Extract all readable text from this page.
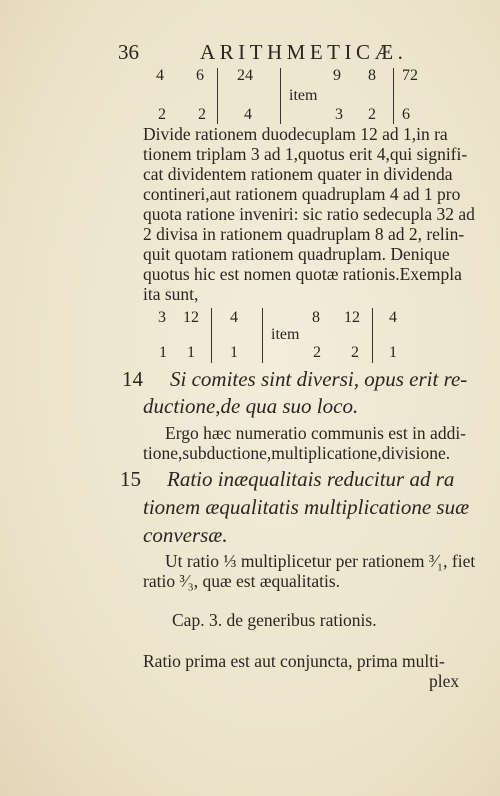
36	ARITHMETICÆ.
4 6 24	9 8 72
item
2 2 4	3 2 6
Divide rationem duodecuplam 12 ad 1,in ra
tionem triplam 3 ad 1,quotus erit 4,qui signifi-
cat dividentem rationem quater in dividenda
contineri,aut rationem quadruplam 4 ad 1 pro
quota ratione inveniri: sic ratio sedecupla 32 ad
2 divisa in rationem quadruplam 8 ad 2, relin-
quit quotam rationem quadruplam. Denique
quotus hic est nomen quotæ rationis.Exempla
ita sunt,
3 12 4	8 12 4
item
1 1 1	2 2 1
14 Si comites sint diversi, opus erit re-
ductione,de qua suo loco.
Ergo hæc numeratio communis est in addi-
tione,subductione,multiplicatione,divisione.
15 Ratio inæqualitais reducitur ad ra
tionem æqualitatis multiplicatione suæ
conversæ.
Ut ratio ⅓ multiplicetur per rationem ³⁄₁, fiet
ratio ³⁄₃, quæ est æqualitatis.
Cap. 3. de generibus rationis.
Ratio prima est aut conjuncta, prima multi-
plex
